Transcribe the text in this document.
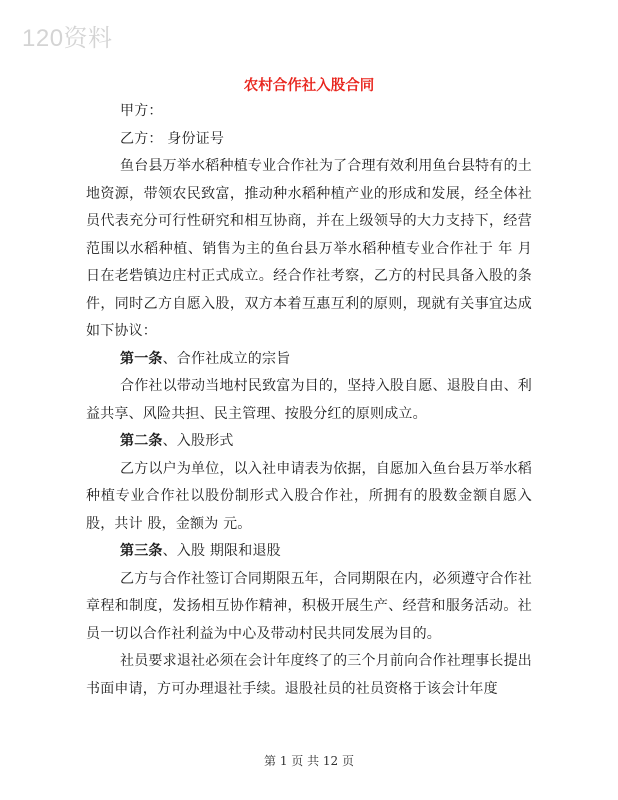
120资料
农村合作社入股合同

甲方：

乙方： 身份证号

鱼台县万举水稻种植专业合作社为了合理有效利用鱼台县特有的土地资源，带领农民致富，推动种水稻种植产业的形成和发展，经全体社员代表充分可行性研究和相互协商，并在上级领导的大力支持下，经营范围以水稻种植、销售为主的鱼台县万举水稻种植专业合作社于 年 月日在老砦镇边庄村正式成立。经合作社考察，乙方的村民具备入股的条件，同时乙方自愿入股，双方本着互惠互利的原则，现就有关事宜达成如下协议：

第一条、合作社成立的宗旨

合作社以带动当地村民致富为目的，坚持入股自愿、退股自由、利益共享、风险共担、民主管理、按股分红的原则成立。

第二条、入股形式

乙方以户为单位，以入社申请表为依据，自愿加入鱼台县万举水稻种植专业合作社以股份制形式入股合作社，所拥有的股数金额自愿入股，共计 股，金额为 元。

第三条、入股 期限和退股

乙方与合作社签订合同期限五年，合同期限在内，必须遵守合作社章程和制度，发扬相互协作精神，积极开展生产、经营和服务活动。社员一切以合作社利益为中心及带动村民共同发展为目的。

社员要求退社必须在会计年度终了的三个月前向合作社理事长提出书面申请，方可办理退社手续。退股社员的社员资格于该会计年度

第 1 页 共 12 页
